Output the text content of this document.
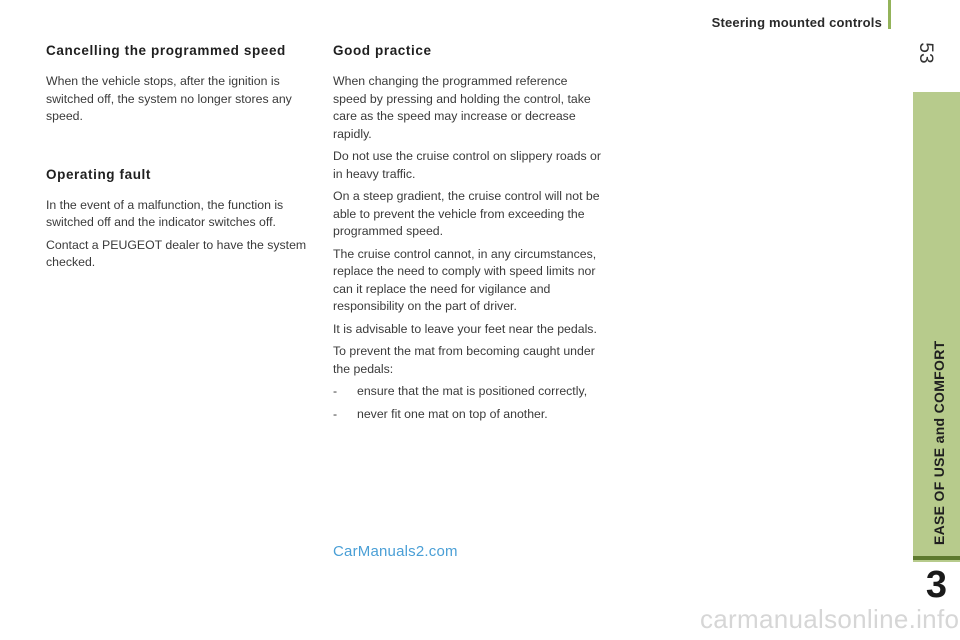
Steering mounted controls
53
EASE OF USE and COMFORT
3
Cancelling the programmed speed

When the vehicle stops, after the ignition is switched off, the system no longer stores any speed.

Operating fault

In the event of a malfunction, the function is switched off and the indicator switches off.

Contact a PEUGEOT dealer to have the system checked.

Good practice

When changing the programmed reference speed by pressing and holding the control, take care as the speed may increase or decrease rapidly.

Do not use the cruise control on slippery roads or in heavy traffic.

On a steep gradient, the cruise control will not be able to prevent the vehicle from exceeding the programmed speed.

The cruise control cannot, in any circumstances, replace the need to comply with speed limits nor can it replace the need for vigilance and responsibility on the part of driver.

It is advisable to leave your feet near the pedals.

To prevent the mat from becoming caught under the pedals:

- ensure that the mat is positioned correctly,
- never fit one mat on top of another.
CarManuals2.com
carmanualsonline.info
